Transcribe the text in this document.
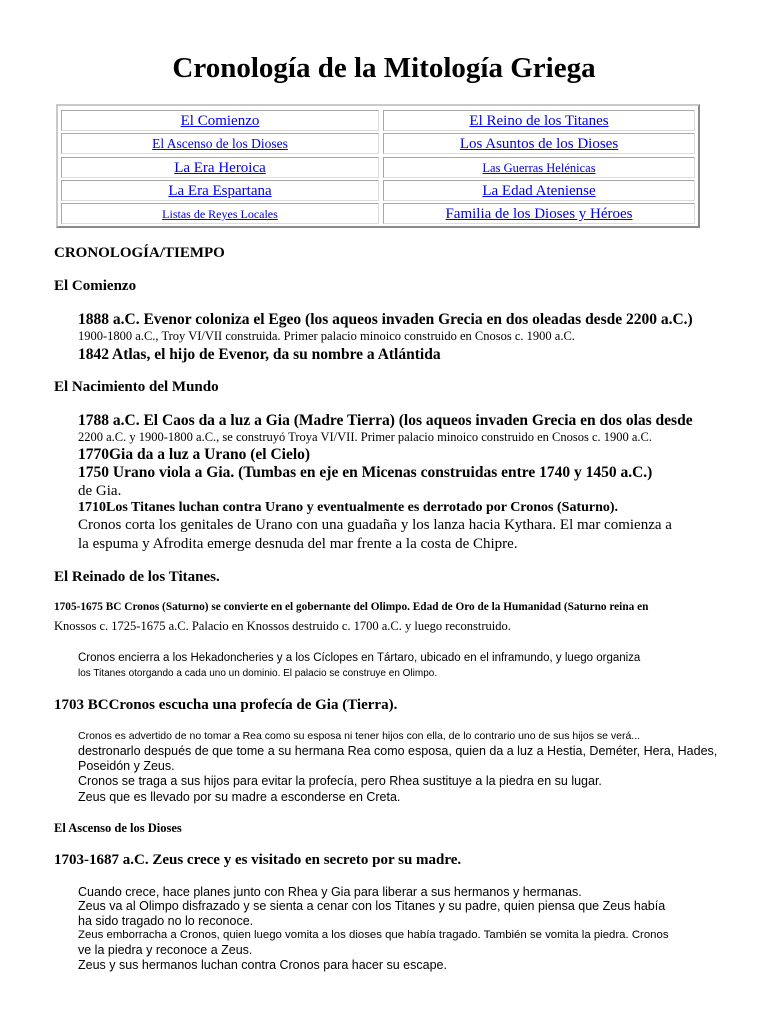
Cronología de la Mitología Griega
El Comienzo
El Ascenso de los Dioses
La Era Heroica
La Era Espartana
Listas de Reyes Locales
El Reino de los Titanes
Los Asuntos de los Dioses
Las Guerras Helénicas
La Edad Ateniense
Familia de los Dioses y Héroes
CRONOLOGÍA/TIEMPO
El Comienzo
1888 a.C. Evenor coloniza el Egeo (los aqueos invaden Grecia en dos oleadas desde 2200 a.C.)
1900-1800 a.C., Troy VI/VII construida. Primer palacio minoico construido en Cnosos c. 1900 a.C.
1842 Atlas, el hijo de Evenor, da su nombre a Atlántida
El Nacimiento del Mundo
1788 a.C. El Caos da a luz a Gia (Madre Tierra) (los aqueos invaden Grecia en dos olas desde
2200 a.C. y 1900-1800 a.C., se construyó Troya VI/VII. Primer palacio minoico construido en Cnosos c. 1900 a.C.
1770Gia da a luz a Urano (el Cielo)
1750 Urano viola a Gia. (Tumbas en eje en Micenas construidas entre 1740 y 1450 a.C.)
de Gia.
1710Los Titanes luchan contra Urano y eventualmente es derrotado por Cronos (Saturno).
Cronos corta los genitales de Urano con una guadaña y los lanza hacia Kythara. El mar comienza a
la espuma y Afrodita emerge desnuda del mar frente a la costa de Chipre.
El Reinado de los Titanes.
1705-1675 BC Cronos (Saturno) se convierte en el gobernante del Olimpo. Edad de Oro de la Humanidad (Saturno reina en
Knossos c. 1725-1675 a.C. Palacio en Knossos destruido c. 1700 a.C. y luego reconstruido.
Cronos encierra a los Hekadoncheries y a los Cíclopes en Tártaro, ubicado en el inframundo, y luego organiza
los Titanes otorgando a cada uno un dominio. El palacio se construye en Olimpo.
1703 BCCronos escucha una profecía de Gia (Tierra).
Cronos es advertido de no tomar a Rea como su esposa ni tener hijos con ella, de lo contrario uno de sus hijos se verá...
destronarlo después de que tome a su hermana Rea como esposa, quien da a luz a Hestia, Deméter, Hera, Hades,
Poseidón y Zeus.
Cronos se traga a sus hijos para evitar la profecía, pero Rhea sustituye a la piedra en su lugar.
Zeus que es llevado por su madre a esconderse en Creta.
El Ascenso de los Dioses
1703-1687 a.C. Zeus crece y es visitado en secreto por su madre.
Cuando crece, hace planes junto con Rhea y Gia para liberar a sus hermanos y hermanas.
Zeus va al Olimpo disfrazado y se sienta a cenar con los Titanes y su padre, quien piensa que Zeus había
ha sido tragado no lo reconoce.
Zeus emborracha a Cronos, quien luego vomita a los dioses que había tragado. También se vomita la piedra. Cronos
ve la piedra y reconoce a Zeus.
Zeus y sus hermanos luchan contra Cronos para hacer su escape.
